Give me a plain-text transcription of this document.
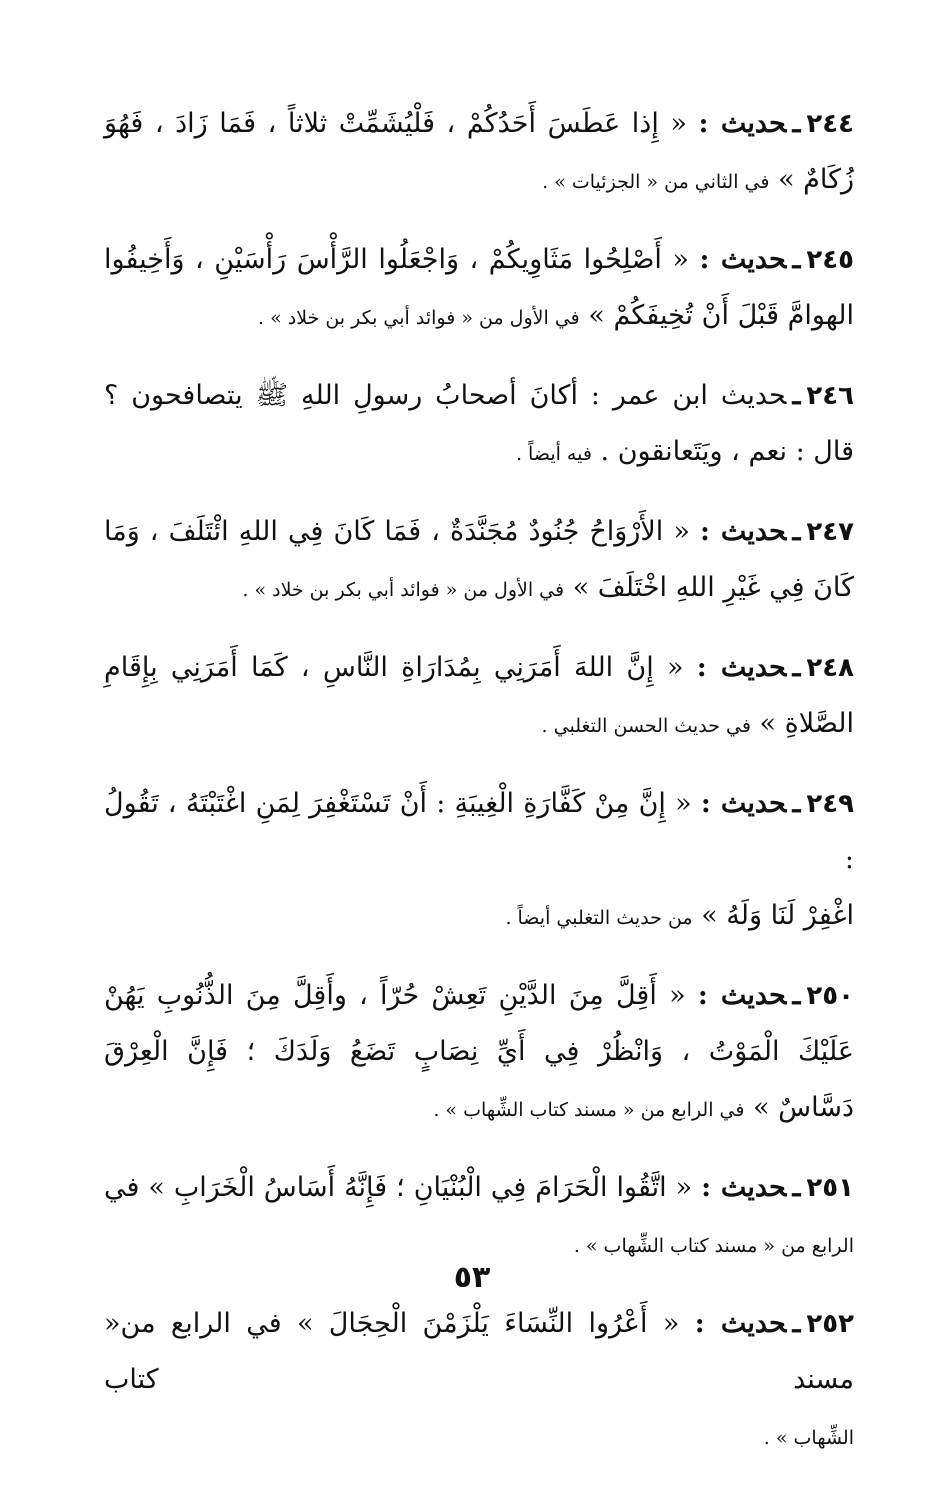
٢٤٤ـحديث : « إِذا عَطَسَ أَحَدُكُمْ ، فَلْيُشَمِّتْ ثلاثاً ، فَمَا زَادَ ، فَهُوَ
زُكَامٌ » في الثاني من « الجزئيات » .
٢٤٥ـحديث : « أَصْلِحُوا مَثَاوِيكُمْ ، وَاجْعَلُوا الرَّأْسَ رَأْسَيْنِ ، وَأَخِيفُوا
الهوامَّ قَبْلَ أَنْ تُخِيفَكُمْ » في الأول من « فوائد أبي بكر بن خلاد » .
٢٤٦ـحديث ابن عمر : أكانَ أصحابُ رسولِ اللهِ ﷺ يتصافحون ؟
قال : نعم ، ويَتَعانقون . فيه أيضاً .
٢٤٧ـحديث : « الأَرْوَاحُ جُنُودٌ مُجَنَّدَةٌ ، فَمَا كَانَ فِي اللهِ ائْتَلَفَ ، وَمَا
كَانَ فِي غَيْرِ اللهِ اخْتَلَفَ » في الأول من « فوائد أبي بكر بن خلاد » .
٢٤٨ـحديث : « إِنَّ اللهَ أَمَرَنِي بِمُدَارَاةِ النَّاسِ ، كَمَا أَمَرَنِي بِإِقَامِ
الصَّلاةِ » في حديث الحسن التغلبي .
٢٤٩ـحديث : « إِنَّ مِنْ كَفَّارَةِ الْغِيبَةِ : أَنْ تَسْتَغْفِرَ لِمَنِ اغْتَبْتَهُ ، تَقُولُ :
اغْفِرْ لَنَا وَلَهُ » من حديث التغلبي أيضاً .
٢٥٠ـحديث : « أَقِلَّ مِنَ الدَّيْنِ تَعِشْ حُرّاً ، وأَقِلَّ مِنَ الذُّنُوبِ يَهُنْ
عَلَيْكَ الْمَوْتُ ، وَانْظُرْ فِي أَيِّ نِصَابٍ تَضَعُ وَلَدَكَ ؛ فَإِنَّ الْعِرْقَ
دَسَّاسٌ » في الرابع من « مسند كتاب الشِّهاب » .
٢٥١ـحديث : « اتَّقُوا الْحَرَامَ فِي الْبُنْيَانِ ؛ فَإِنَّهُ أَسَاسُ الْخَرَابِ » في
الرابع من « مسند كتاب الشِّهاب » .
٢٥٢ـحديث : « أَعْرُوا النِّسَاءَ يَلْزَمْنَ الْحِجَالَ » في الرابع من« مسند كتاب
الشِّهاب » .
٥٣
